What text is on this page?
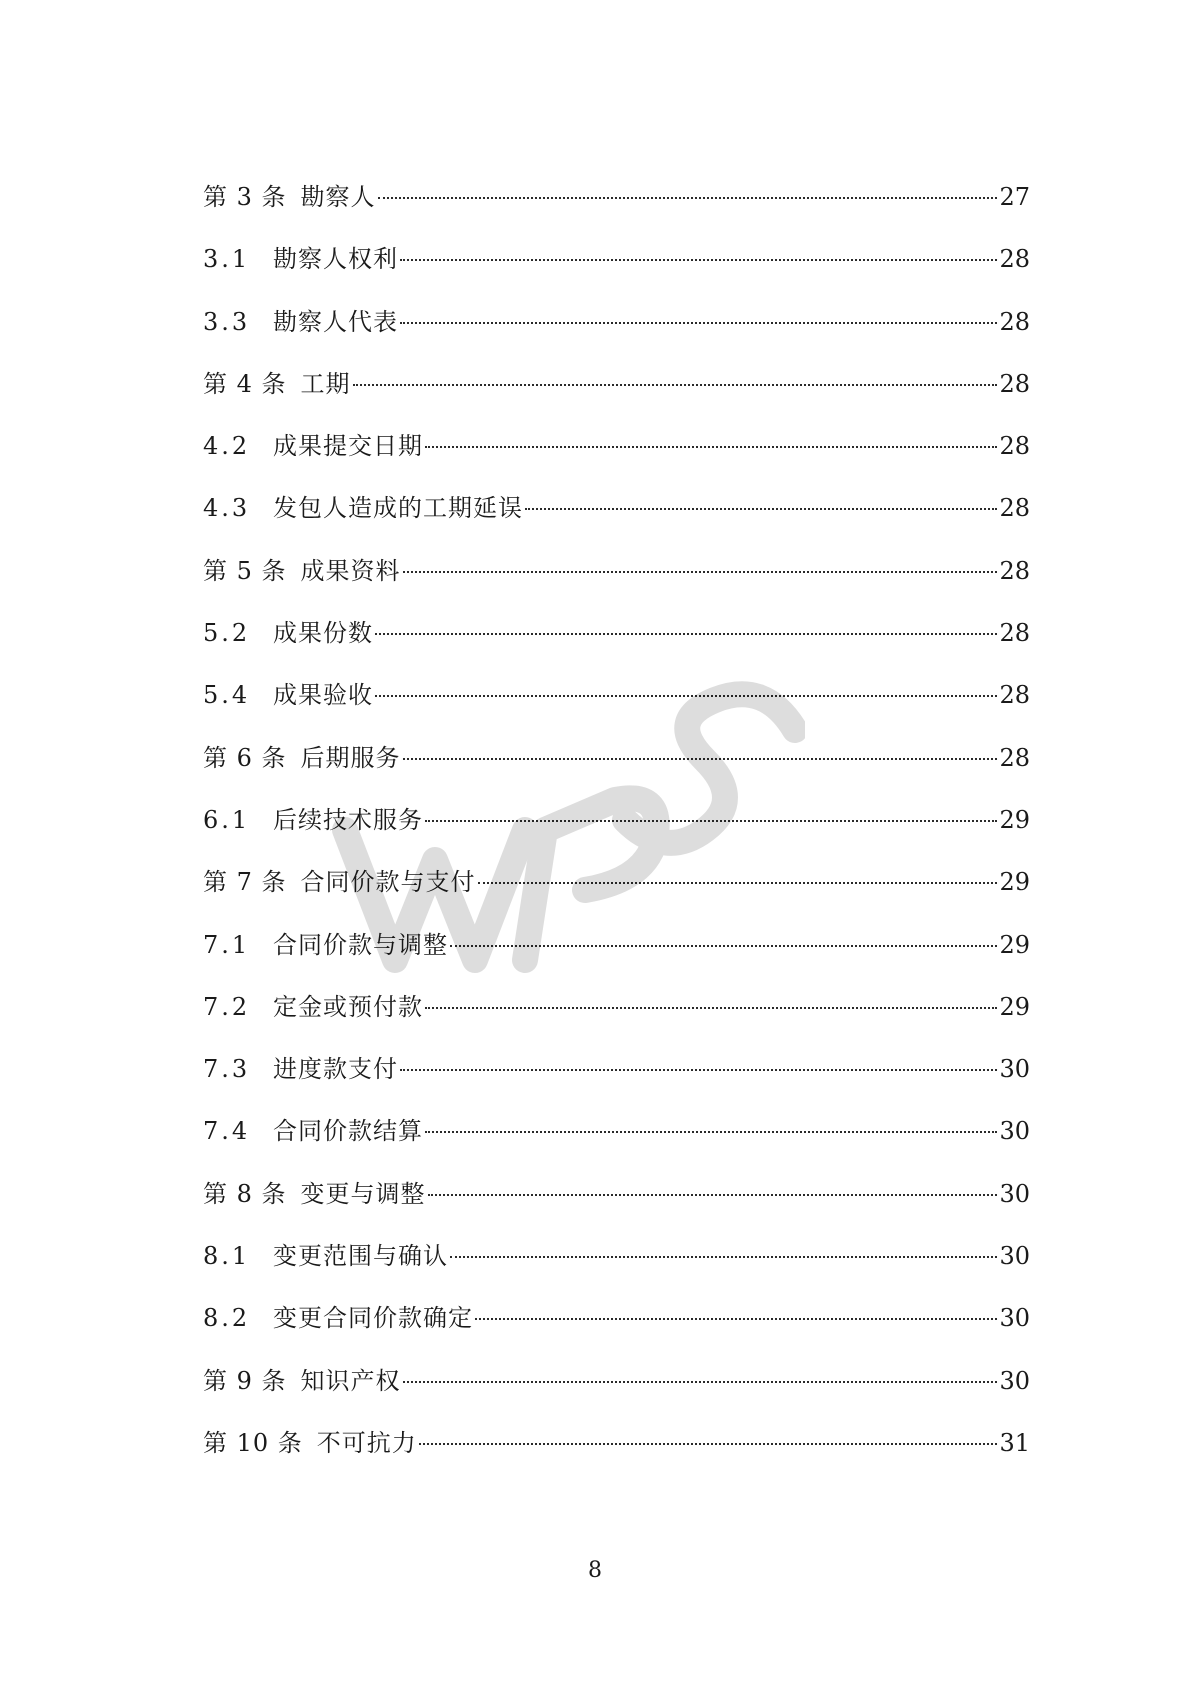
第 3 条 勘察人	27
3.1 勘察人权利	28
3.3 勘察人代表	28
第 4 条 工期	28
4.2 成果提交日期	28
4.3 发包人造成的工期延误	28
第 5 条 成果资料	28
5.2 成果份数	28
5.4 成果验收	28
第 6 条 后期服务	28
6.1 后续技术服务	29
第 7 条 合同价款与支付	29
7.1 合同价款与调整	29
7.2 定金或预付款	29
7.3 进度款支付	30
7.4 合同价款结算	30
第 8 条 变更与调整	30
8.1 变更范围与确认	30
8.2 变更合同价款确定	30
第 9 条 知识产权	30
第 10 条 不可抗力	31
8
